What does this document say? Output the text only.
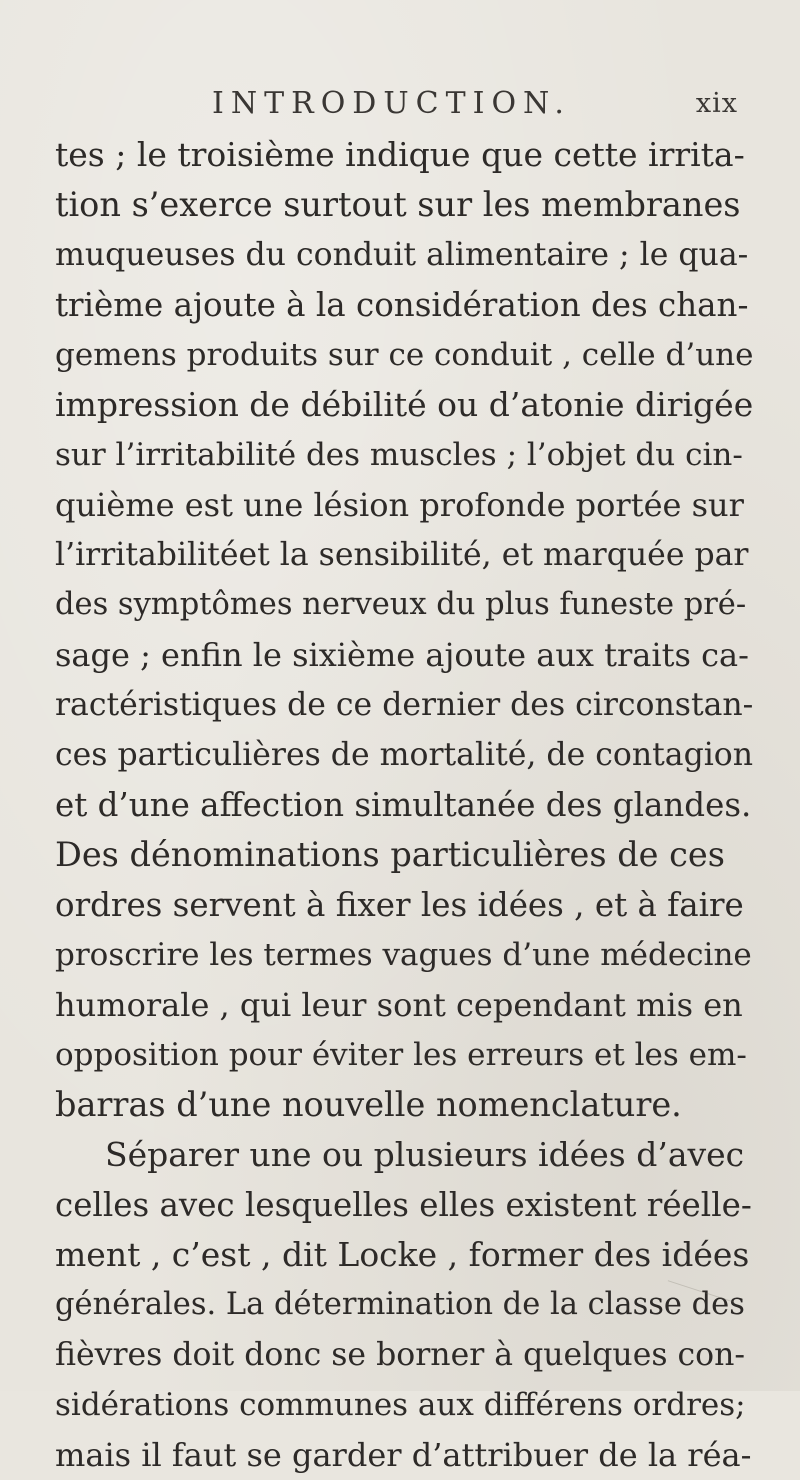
INTRODUCTION.	xix
tes ; le troisième indique que cette irrita-
tion s’exerce surtout sur les membranes
muqueuses du conduit alimentaire ; le qua-
trième ajoute à la considération des chan-
gemens produits sur ce conduit , celle d’une
impression de débilité ou d’atonie dirigée
sur l’irritabilité des muscles ; l’objet du cin-
quième est une lésion profonde portée sur
l’irritabilitéet la sensibilité, et marquée par
des symptômes nerveux du plus funeste pré-
sage ; enfin le sixième ajoute aux traits ca-
ractéristiques de ce dernier des circonstan-
ces particulières de mortalité, de contagion
et d’une affection simultanée des glandes.
Des dénominations particulières de ces
ordres servent à fixer les idées , et à faire
proscrire les termes vagues d’une médecine
humorale , qui leur sont cependant mis en
opposition pour éviter les erreurs et les em-
barras d’une nouvelle nomenclature.
Séparer une ou plusieurs idées d’avec
celles avec lesquelles elles existent réelle-
ment , c’est , dit Locke , former des idées
générales. La détermination de la classe des
fièvres doit donc se borner à quelques con-
sidérations communes aux différens ordres;
mais il faut se garder d’attribuer de la réa-
